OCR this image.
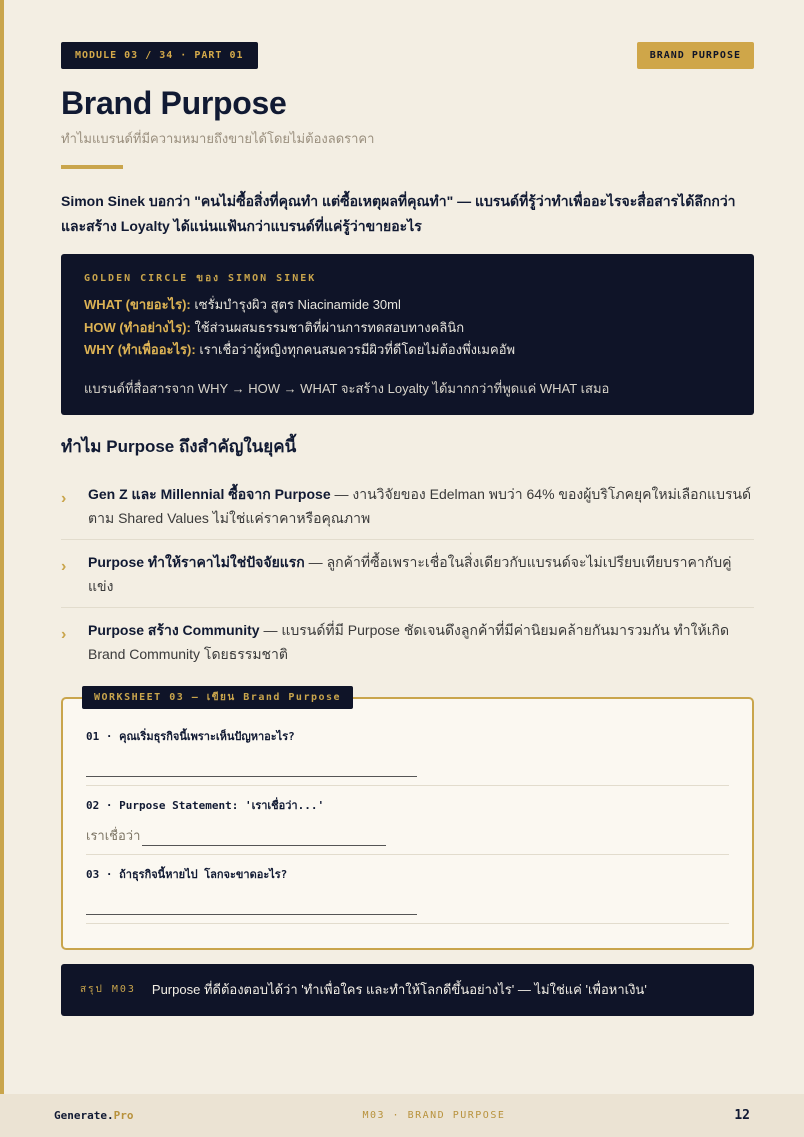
MODULE 03 / 34 · PART 01	BRAND PURPOSE
Brand Purpose
ทำไมแบรนด์ที่มีความหมายถึงขายได้โดยไม่ต้องลดราคา

Simon Sinek บอกว่า "คนไม่ซื้อสิ่งที่คุณทำ แต่ซื้อเหตุผลที่คุณทำ" — แบรนด์ที่รู้ว่าทำเพื่ออะไรจะสื่อสารได้ลึกกว่า และสร้าง Loyalty ได้แน่นแฟ้นกว่าแบรนด์ที่แค่รู้ว่าขายอะไร

GOLDEN CIRCLE ของ SIMON SINEK
WHAT (ขายอะไร): เซรั่มบำรุงผิว สูตร Niacinamide 30ml
HOW (ทำอย่างไร): ใช้ส่วนผสมธรรมชาติที่ผ่านการทดสอบทางคลินิก
WHY (ทำเพื่ออะไร): เราเชื่อว่าผู้หญิงทุกคนสมควรมีผิวที่ดีโดยไม่ต้องพึ่งเมคอัพ
แบรนด์ที่สื่อสารจาก WHY → HOW → WHAT จะสร้าง Loyalty ได้มากกว่าที่พูดแค่ WHAT เสมอ
ทำไม Purpose ถึงสำคัญในยุคนี้
›	Gen Z และ Millennial ซื้อจาก Purpose — งานวิจัยของ Edelman พบว่า 64% ของผู้บริโภคยุคใหม่เลือกแบรนด์ตาม Shared Values ไม่ใช่แค่ราคาหรือคุณภาพ
›	Purpose ทำให้ราคาไม่ใช่ปัจจัยแรก — ลูกค้าที่ซื้อเพราะเชื่อในสิ่งเดียวกับแบรนด์จะไม่เปรียบเทียบราคากับคู่แข่ง
›	Purpose สร้าง Community — แบรนด์ที่มี Purpose ชัดเจนดึงลูกค้าที่มีค่านิยมคล้ายกันมารวมกัน ทำให้เกิด Brand Community โดยธรรมชาติ
WORKSHEET 03 — เขียน Brand Purpose
01 · คุณเริ่มธุรกิจนี้เพราะเห็นปัญหาอะไร?
02 · Purpose Statement: 'เราเชื่อว่า...'
เราเชื่อว่า
03 · ถ้าธุรกิจนี้หายไป โลกจะขาดอะไร?
สรุป M03 Purpose ที่ดีต้องตอบได้ว่า 'ทำเพื่อใคร และทำให้โลกดีขึ้นอย่างไร' — ไม่ใช่แค่ 'เพื่อหาเงิน'
Generate.Pro	M03 · BRAND PURPOSE	12
